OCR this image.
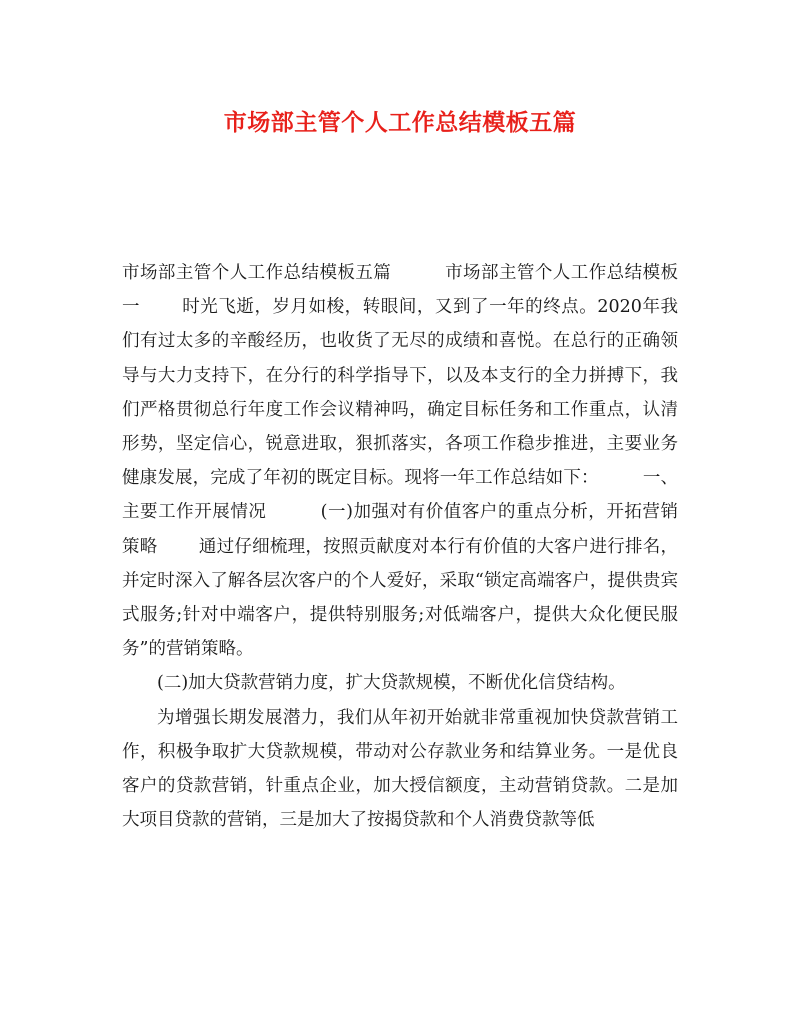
市场部主管个人工作总结模板五篇

市场部主管个人工作总结模板五篇　　　市场部主管个人工作总结模板一　　 时光飞逝，岁月如梭，转眼间，又到了一年的终点。2020年我们有过太多的辛酸经历，也收货了无尽的成绩和喜悦。在总行的正确领导与大力支持下，在分行的科学指导下，以及本支行的全力拼搏下，我们严格贯彻总行年度工作会议精神吗，确定目标任务和工作重点，认清形势，坚定信心，锐意进取，狠抓落实，各项工作稳步推进，主要业务健康发展，完成了年初的既定目标。现将一年工作总结如下：　　　一、主要工作开展情况　　　(一)加强对有价值客户的重点分析，开拓营销策略　　 通过仔细梳理，按照贡献度对本行有价值的大客户进行排名，并定时深入了解各层次客户的个人爱好，采取“锁定高端客户，提供贵宾式服务;针对中端客户，提供特别服务;对低端客户，提供大众化便民服务”的营销策略。

(二)加大贷款营销力度，扩大贷款规模，不断优化信贷结构。

为增强长期发展潜力，我们从年初开始就非常重视加快贷款营销工作，积极争取扩大贷款规模，带动对公存款业务和结算业务。一是优良客户的贷款营销，针重点企业，加大授信额度，主动营销贷款。二是加大项目贷款的营销，三是加大了按揭贷款和个人消费贷款等低
